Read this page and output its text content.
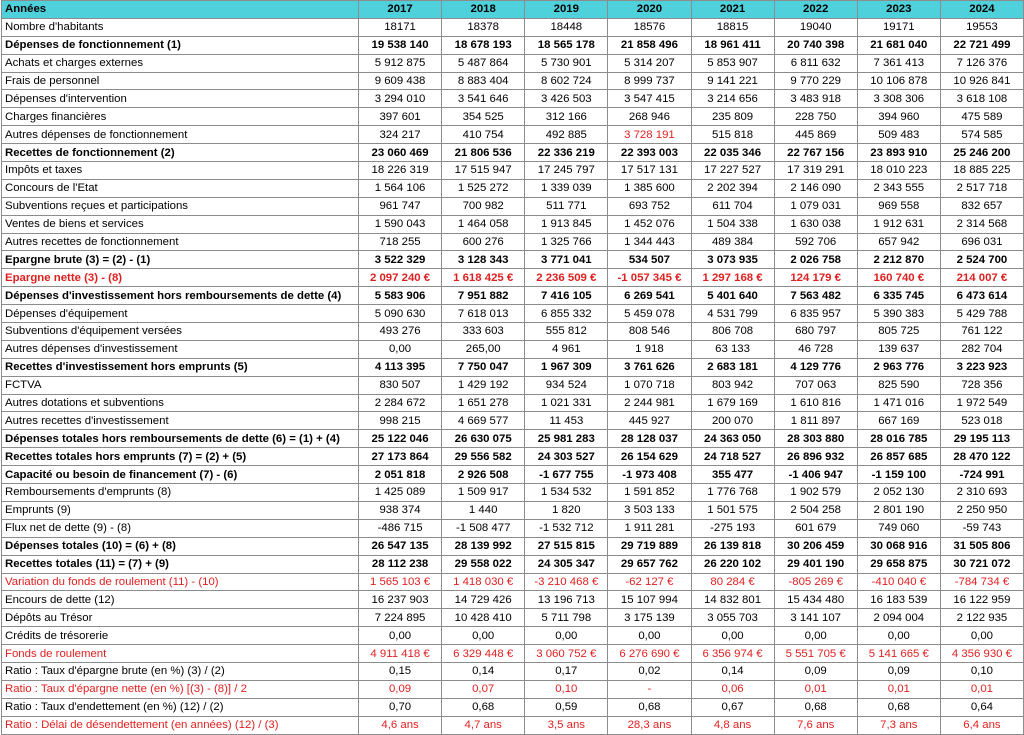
Années	2017	2018	2019	2020	2021	2022	2023	2024
Nombre d'habitants	18171	18378	18448	18576	18815	19040	19171	19553
Dépenses de fonctionnement (1)	19 538 140	18 678 193	18 565 178	21 858 496	18 961 411	20 740 398	21 681 040	22 721 499
Achats et charges externes	5 912 875	5 487 864	5 730 901	5 314 207	5 853 907	6 811 632	7 361 413	7 126 376
Frais de personnel	9 609 438	8 883 404	8 602 724	8 999 737	9 141 221	9 770 229	10 106 878	10 926 841
Dépenses d'intervention	3 294 010	3 541 646	3 426 503	3 547 415	3 214 656	3 483 918	3 308 306	3 618 108
Charges financières	397 601	354 525	312 166	268 946	235 809	228 750	394 960	475 589
Autres dépenses de fonctionnement	324 217	410 754	492 885	3 728 191	515 818	445 869	509 483	574 585
Recettes de fonctionnement (2)	23 060 469	21 806 536	22 336 219	22 393 003	22 035 346	22 767 156	23 893 910	25 246 200
Impôts et taxes	18 226 319	17 515 947	17 245 797	17 517 131	17 227 527	17 319 291	18 010 223	18 885 225
Concours de l'Etat	1 564 106	1 525 272	1 339 039	1 385 600	2 202 394	2 146 090	2 343 555	2 517 718
Subventions reçues et participations	961 747	700 982	511 771	693 752	611 704	1 079 031	969 558	832 657
Ventes de biens et services	1 590 043	1 464 058	1 913 845	1 452 076	1 504 338	1 630 038	1 912 631	2 314 568
Autres recettes de fonctionnement	718 255	600 276	1 325 766	1 344 443	489 384	592 706	657 942	696 031
Epargne brute (3) = (2) - (1)	3 522 329	3 128 343	3 771 041	534 507	3 073 935	2 026 758	2 212 870	2 524 700
Epargne nette (3) - (8)	2 097 240 €	1 618 425 €	2 236 509 €	-1 057 345 €	1 297 168 €	124 179 €	160 740 €	214 007 €
Dépenses d'investissement hors remboursements de dette (4)	5 583 906	7 951 882	7 416 105	6 269 541	5 401 640	7 563 482	6 335 745	6 473 614
Dépenses d'équipement	5 090 630	7 618 013	6 855 332	5 459 078	4 531 799	6 835 957	5 390 383	5 429 788
Subventions d'équipement versées	493 276	333 603	555 812	808 546	806 708	680 797	805 725	761 122
Autres dépenses d'investissement	0,00	265,00	4 961	1 918	63 133	46 728	139 637	282 704
Recettes d'investissement hors emprunts (5)	4 113 395	7 750 047	1 967 309	3 761 626	2 683 181	4 129 776	2 963 776	3 223 923
FCTVA	830 507	1 429 192	934 524	1 070 718	803 942	707 063	825 590	728 356
Autres dotations et subventions	2 284 672	1 651 278	1 021 331	2 244 981	1 679 169	1 610 816	1 471 016	1 972 549
Autres recettes d'investissement	998 215	4 669 577	11 453	445 927	200 070	1 811 897	667 169	523 018
Dépenses totales hors remboursements de dette (6) = (1) + (4)	25 122 046	26 630 075	25 981 283	28 128 037	24 363 050	28 303 880	28 016 785	29 195 113
Recettes totales hors emprunts (7) = (2) + (5)	27 173 864	29 556 582	24 303 527	26 154 629	24 718 527	26 896 932	26 857 685	28 470 122
Capacité ou besoin de financement (7) - (6)	2 051 818	2 926 508	-1 677 755	-1 973 408	355 477	-1 406 947	-1 159 100	-724 991
Remboursements d'emprunts (8)	1 425 089	1 509 917	1 534 532	1 591 852	1 776 768	1 902 579	2 052 130	2 310 693
Emprunts (9)	938 374	1 440	1 820	3 503 133	1 501 575	2 504 258	2 801 190	2 250 950
Flux net de dette (9) - (8)	-486 715	-1 508 477	-1 532 712	1 911 281	-275 193	601 679	749 060	-59 743
Dépenses totales (10) = (6) + (8)	26 547 135	28 139 992	27 515 815	29 719 889	26 139 818	30 206 459	30 068 916	31 505 806
Recettes totales (11) = (7) + (9)	28 112 238	29 558 022	24 305 347	29 657 762	26 220 102	29 401 190	29 658 875	30 721 072
Variation du fonds de roulement (11) - (10)	1 565 103 €	1 418 030 €	-3 210 468 €	-62 127 €	80 284 €	-805 269 €	-410 040 €	-784 734 €
Encours de dette (12)	16 237 903	14 729 426	13 196 713	15 107 994	14 832 801	15 434 480	16 183 539	16 122 959
Dépôts au Trésor	7 224 895	10 428 410	5 711 798	3 175 139	3 055 703	3 141 107	2 094 004	2 122 935
Crédits de trésorerie	0,00	0,00	0,00	0,00	0,00	0,00	0,00	0,00
Fonds de roulement	4 911 418 €	6 329 448 €	3 060 752 €	6 276 690 €	6 356 974 €	5 551 705 €	5 141 665 €	4 356 930 €
Ratio : Taux d'épargne brute (en %) (3) / (2)	0,15	0,14	0,17	0,02	0,14	0,09	0,09	0,10
Ratio : Taux d'épargne nette (en %) [(3) - (8)] / 2	0,09	0,07	0,10	-	0,06	0,01	0,01	0,01
Ratio : Taux d'endettement (en %) (12) / (2)	0,70	0,68	0,59	0,68	0,67	0,68	0,68	0,64
Ratio : Délai de désendettement (en années) (12) / (3)	4,6 ans	4,7 ans	3,5 ans	28,3 ans	4,8 ans	7,6 ans	7,3 ans	6,4 ans
